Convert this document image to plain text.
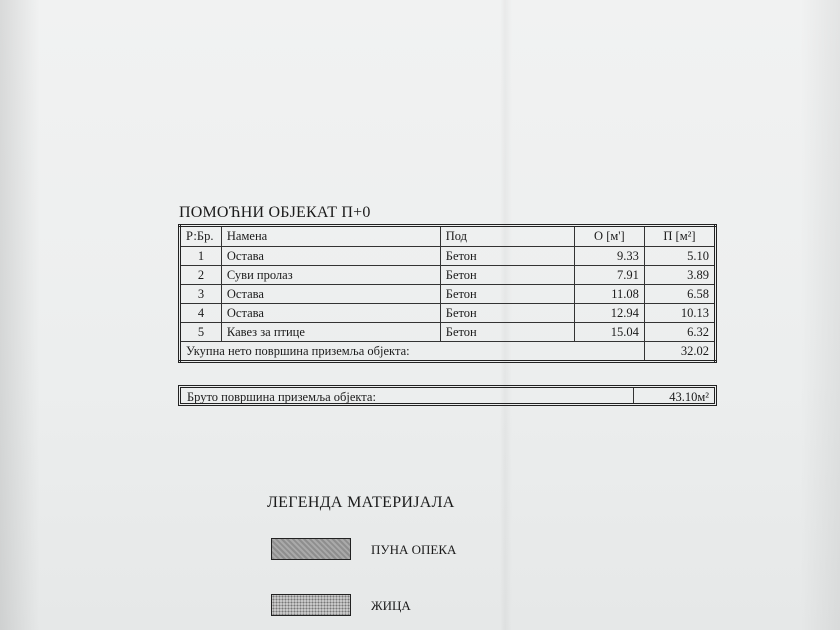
ПОМОЋНИ ОБЈЕКАТ П+0
Р:Бр.	Намена	Под	О [м']	П [м²]
1	Остава	Бетон	9.33	5.10
2	Суви пролаз	Бетон	7.91	3.89
3	Остава	Бетон	11.08	6.58
4	Остава	Бетон	12.94	10.13
5	Кавез за птице	Бетон	15.04	6.32
Укупна нето површина приземља објекта:				32.02
Бруто површина приземља објекта:	43.10м²
ЛЕГЕНДА МАТЕРИЈАЛА
ПУНА ОПЕКА
ЖИЦА
